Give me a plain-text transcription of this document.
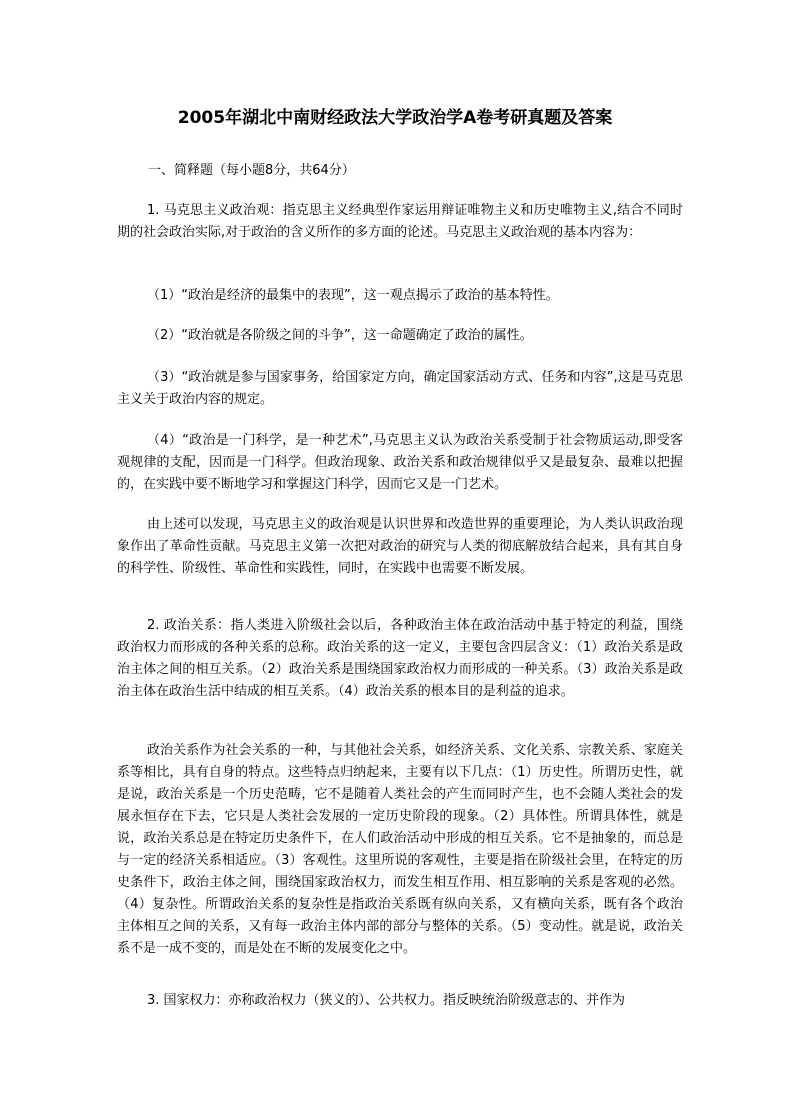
2005年湖北中南财经政法大学政治学A卷考研真题及答案
一、简释题（每小题8分，共64分）
1. 马克思主义政治观：指克思主义经典型作家运用辩证唯物主义和历史唯物主义,结合不同时期的社会政治实际,对于政治的含义所作的多方面的论述。马克思主义政治观的基本内容为：
（1）“政治是经济的最集中的表现”，这一观点揭示了政治的基本特性。
（2）“政治就是各阶级之间的斗争”，这一命题确定了政治的属性。
（3）“政治就是参与国家事务，给国家定方向，确定国家活动方式、任务和内容”,这是马克思主义关于政治内容的规定。
（4）“政治是一门科学，是一种艺术”,马克思主义认为政治关系受制于社会物质运动,即受客观规律的支配，因而是一门科学。但政治现象、政治关系和政治规律似乎又是最复杂、最难以把握的，在实践中要不断地学习和掌握这门科学，因而它又是一门艺术。
由上述可以发现，马克思主义的政治观是认识世界和改造世界的重要理论，为人类认识政治现象作出了革命性贡献。马克思主义第一次把对政治的研究与人类的彻底解放结合起来，具有其自身的科学性、阶级性、革命性和实践性，同时，在实践中也需要不断发展。
2. 政治关系：指人类进入阶级社会以后，各种政治主体在政治活动中基于特定的利益，围绕政治权力而形成的各种关系的总称。政治关系的这一定义，主要包含四层含义：（1）政治关系是政治主体之间的相互关系。（2）政治关系是围绕国家政治权力而形成的一种关系。（3）政治关系是政治主体在政治生活中结成的相互关系。（4）政治关系的根本目的是利益的追求。
政治关系作为社会关系的一种，与其他社会关系，如经济关系、文化关系、宗教关系、家庭关系等相比，具有自身的特点。这些特点归纳起来，主要有以下几点：（1）历史性。所谓历史性，就是说，政治关系是一个历史范畴，它不是随着人类社会的产生而同时产生，也不会随人类社会的发展永恒存在下去，它只是人类社会发展的一定历史阶段的现象。（2）具体性。所谓具体性，就是说，政治关系总是在特定历史条件下，在人们政治活动中形成的相互关系。它不是抽象的，而总是与一定的经济关系相适应。（3）客观性。这里所说的客观性，主要是指在阶级社会里，在特定的历史条件下，政治主体之间，围绕国家政治权力，而发生相互作用、相互影响的关系是客观的必然。（4）复杂性。所谓政治关系的复杂性是指政治关系既有纵向关系，又有横向关系，既有各个政治主体相互之间的关系，又有每一政治主体内部的部分与整体的关系。（5）变动性。就是说，政治关系不是一成不变的，而是处在不断的发展变化之中。
3. 国家权力：亦称政治权力（狭义的）、公共权力。指反映统治阶级意志的、并作为
